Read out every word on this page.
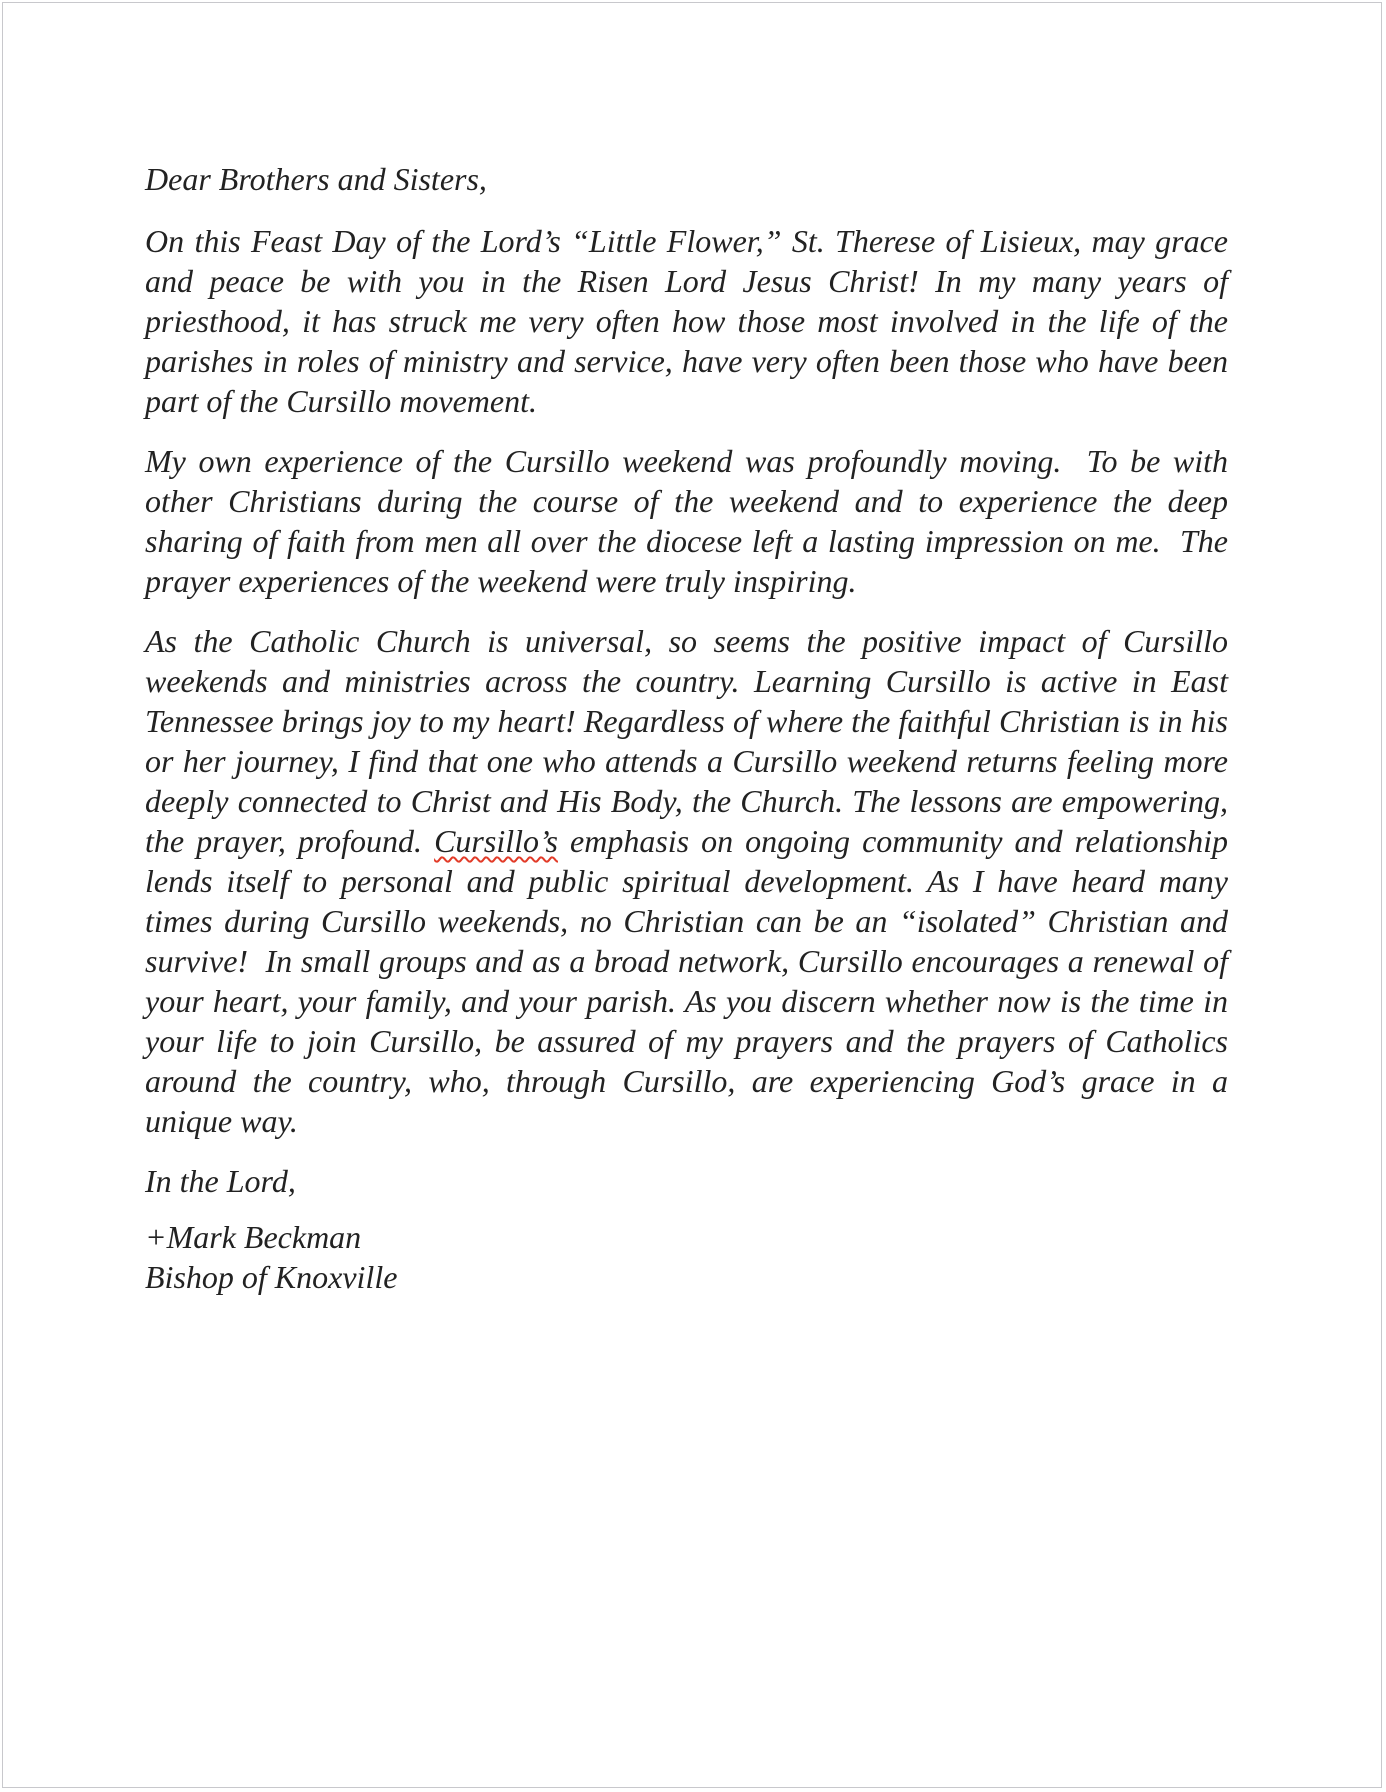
Dear Brothers and Sisters,

On this Feast Day of the Lord’s “Little Flower,” St. Therese of Lisieux, may grace and peace be with you in the Risen Lord Jesus Christ! In my many years of priesthood, it has struck me very often how those most involved in the life of the parishes in roles of ministry and service, have very often been those who have been part of the Cursillo movement.

My own experience of the Cursillo weekend was profoundly moving.  To be with other Christians during the course of the weekend and to experience the deep sharing of faith from men all over the diocese left a lasting impression on me.  The prayer experiences of the weekend were truly inspiring.

As the Catholic Church is universal, so seems the positive impact of Cursillo weekends and ministries across the country. Learning Cursillo is active in East Tennessee brings joy to my heart! Regardless of where the faithful Christian is in his or her journey, I find that one who attends a Cursillo weekend returns feeling more deeply connected to Christ and His Body, the Church. The lessons are empowering, the prayer, profound. Cursillo’s emphasis on ongoing community and relationship lends itself to personal and public spiritual development. As I have heard many times during Cursillo weekends, no Christian can be an “isolated” Christian and survive!  In small groups and as a broad network, Cursillo encourages a renewal of your heart, your family, and your parish. As you discern whether now is the time in your life to join Cursillo, be assured of my prayers and the prayers of Catholics around the country, who, through Cursillo, are experiencing God’s grace in a unique way.

In the Lord,

+Mark Beckman
Bishop of Knoxville
